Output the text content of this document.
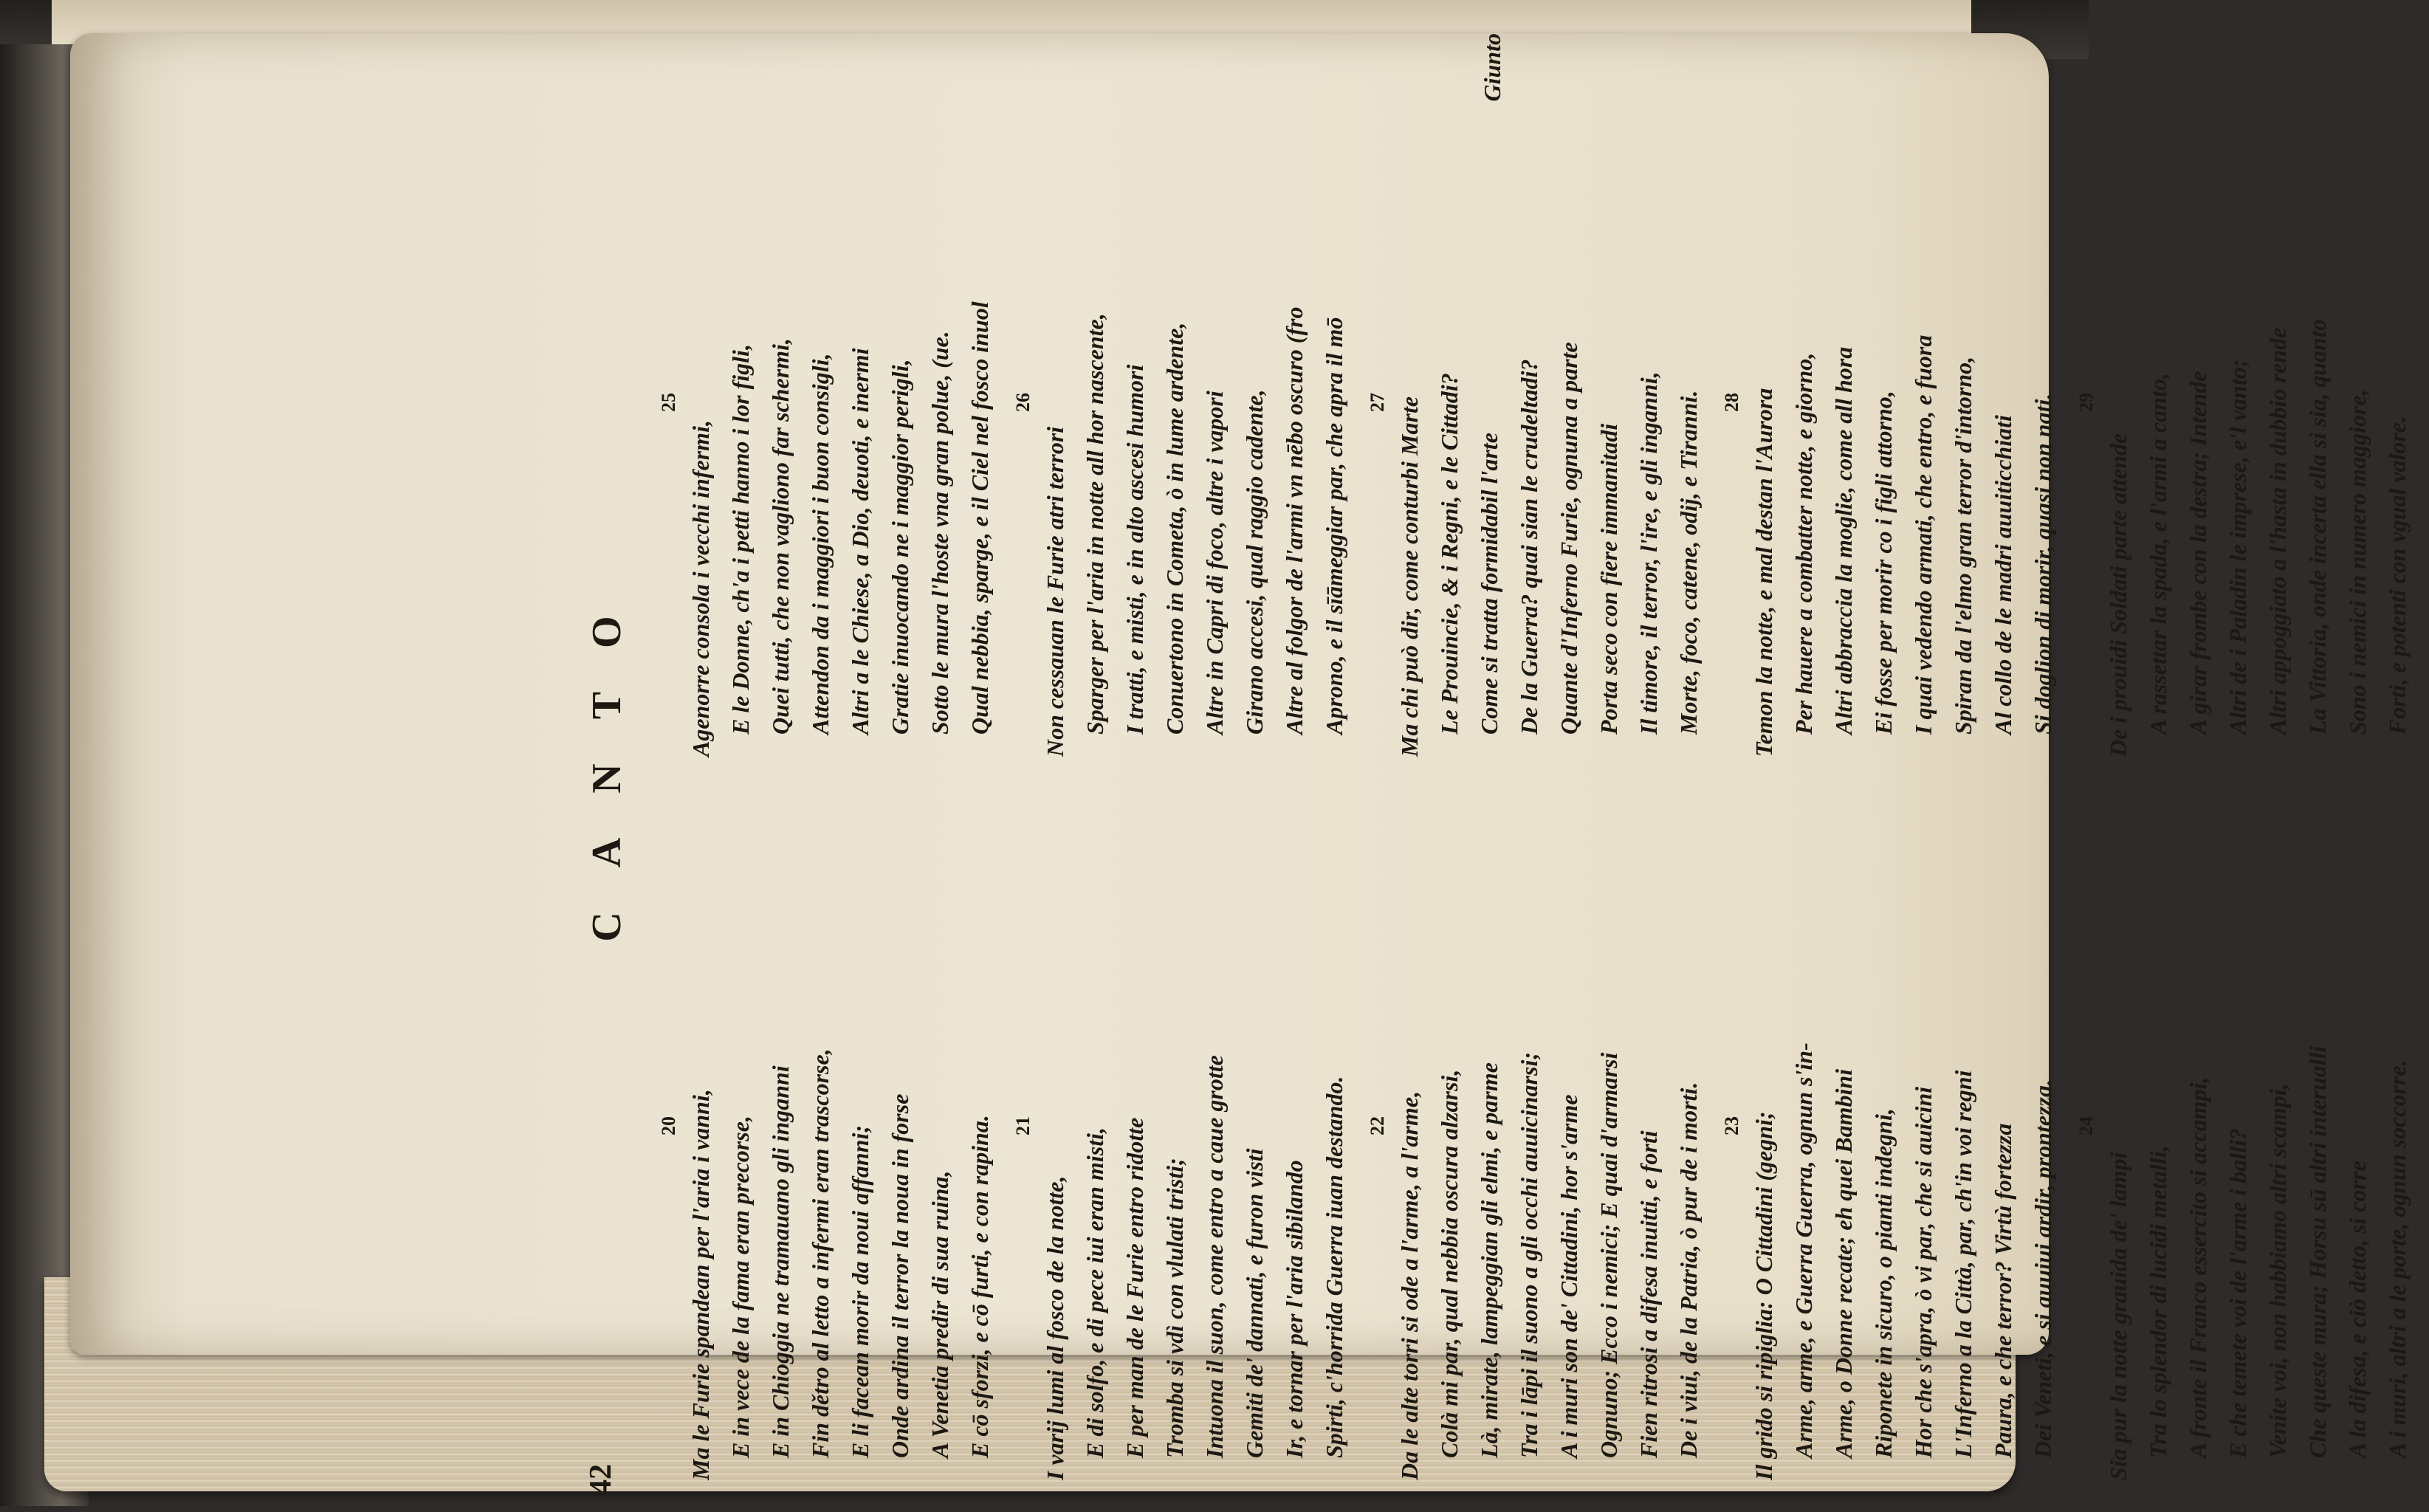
42
CANTO
20 Ma le Furie spandean per l'aria i vanni, E in vece de la fama eran precorse, E in Chioggia ne tramauano gli inganni Fin dětro al letto a infermi eran trascorse, E li facean morir da noui affanni; Onde ardina il terror la noua in forse A Venetia predir di sua ruina, E cō sforzi, e cō furti, e con rapina.	21
I varij lumi al fosco de la notte, E di solfo, e di pece iui eran misti, E per man de le Furie entro ridotte Tromba si vdì con vlulati tristi; Intuona il suon, come entro a caue grotte Gemiti de' dannati, e furon visti Ir, e tornar per l'aria sibilando Spirti, c'horrida Guerra iuan destando.	22 Da le alte torri si ode a l'arme, a l'arme, Colà mi par, qual nebbia oscura alzarsi, Là, mirate, lampeggian gli elmi, e parme Tra i lāpi il suono a gli occhi auuicinarsi; A i muri son de' Cittadini, hor s'arme Ognuno; Ecco i nemici; E quai d'armarsi Fien ritrosi a difesa inuitti, e forti De i viui, de la Patria, ò pur de i morti.	23 Il grido si ripiglia: O Cittadini (gegni; Arme, arme, e Guerra Guerra, ognun s'in- Arme, o Donne recate; eh quei Bambini Riponete in sicuro, o pianti indegni, Hor che s'apra, ò vi par, che si auicini L'Inferno a la Città, par, ch'in voi regni Paura, e che terror? Virtù fortezza Dei Veneti, e si auuiui ardir, prontezza.	24
Sia pur la notte grauida de' lampi Tra lo splendor di lucidi metalli, A fronte il Franco essercito si accampi, E che temete voi de l'arme i balli? Venite voi, non habbiamo altri scampi, Che queste mura; Horsu sū altri interualli A la difesa, e ciò detto, si corre A i muri, altri a le porte, ognun soccorre.
25
Agenorre consola i vecchi infermi, E le Donne, ch'a i petti hanno i lor figli, Quei tutti, che non vagliono far schermi, Attendon da i maggiori i buon consigli, Altri a le Chiese, a Dio, deuoti, e inermi Gratie inuocando ne i maggior perigli, Sotto le mura l'hoste vna gran polue, (ue. Qual nebbia, sparge, e il Ciel nel fosco inuol	26
Non cessauan le Furie atri terrori Sparger per l'aria in notte all hor nascente, I tratti, e misti, e in alto ascesi humori Conuertono in Cometa, ò in lume ardente, Altre in Capri di foco, altre i vapori Girano accesi, qual raggio cadente, Altre al folgor de l'armi vn nēbo oscuro (fro Aprono, e il sīāmeggiar par, che apra il mō	27 Ma chi può dir, come conturbi Marte Le Prouincie, & i Regni, e le Cittadi? Come si tratta formidabil l'arte De la Guerra? quai sian le crudeltadi? Quante d'Inferno Furie, ognuna a parte Porta seco con fiere immanitadi Il timore, il terror, l'ire, e gli inganni, Morte, foco, catene, odij, e Tiranni.	28 Temon la notte, e mal destan l'Aurora Per hauere a combatter notte, e giorno, Altri abbraccia la moglie, come all hora Ei fosse per morir co i figli attorno, I quai vedendo armati, che entro, e fuora Spiran da l'elmo gran terror d'intorno, Al collo de le madri auuiticchiati Si doglion di morir, quasi non nati.	29
De i prouidi Soldati parte attende A rassettar la spada, e l'armi a canto, A girar frombe con la destra; Intende Altri de i Paladin le imprese, e'l vanto; Altri appoggiato a l'hasta in dubbio rende La Vittoria, onde incerta ella si sia, quanto Sono i nemici in numero maggiore, Forti, e potenti con vgual valore.
Giunto
